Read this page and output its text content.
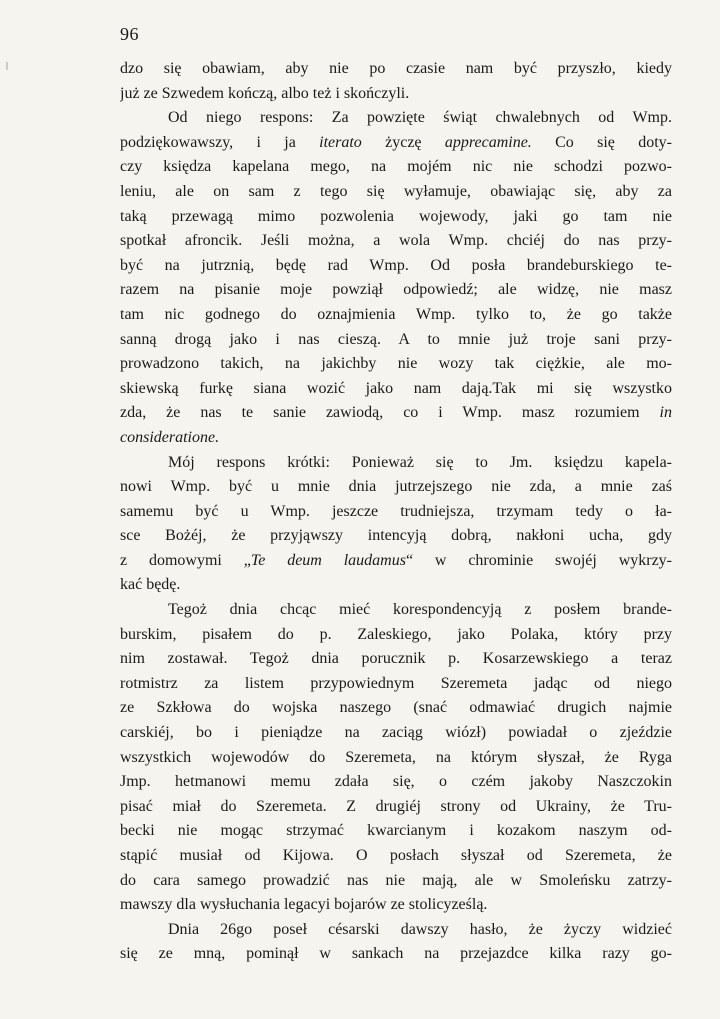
96
dzo się obawiam, aby nie po czasie nam być przyszło, kiedy
już ze Szwedem kończą, albo też i skończyli.
Od niego respons: Za powzięte świąt chwalebnych od Wmp.
podziękowawszy, i ja iterato życzę apprecamine. Co się doty-
czy księdza kapelana mego, na mojém nic nie schodzi pozwo-
leniu, ale on sam z tego się wyłamuje, obawiając się, aby za
taką przewagą mimo pozwolenia wojewody, jaki go tam nie
spotkał afroncik. Jeśli można, a wola Wmp. chciéj do nas przy-
być na jutrznią, będę rad Wmp. Od posła brandeburskiego te-
razem na pisanie moje powziął odpowiedź; ale widzę, nie masz
tam nic godnego do oznajmienia Wmp. tylko to, że go także
sanną drogą jako i nas cieszą. A to mnie już troje sani przy-
prowadzono takich, na jakichby nie wozy tak ciężkie, ale mo-
skiewską furkę siana wozić jako nam dają.Tak mi się wszystko
zda, że nas te sanie zawiodą, co i Wmp. masz rozumiem in
consideratione.
Mój respons krótki: Ponieważ się to Jm. księdzu kapela-
nowi Wmp. być u mnie dnia jutrzejszego nie zda, a mnie zaś
samemu być u Wmp. jeszcze trudniejsza, trzymam tedy o ła-
sce Bożéj, że przyjąwszy intencyją dobrą, nakłoni ucha, gdy
z domowymi „Te deum laudamus“ w chrominie swojéj wykrzy-
kać będę.
Tegoż dnia chcąc mieć korespondencyją z posłem brande-
burskim, pisałem do p. Zaleskiego, jako Polaka, który przy
nim zostawał. Tegoż dnia porucznik p. Kosarzewskiego a teraz
rotmistrz za listem przypowiednym Szeremeta jadąc od niego
ze Szkłowa do wojska naszego (snać odmawiać drugich najmie
carskiéj, bo i pieniądze na zaciąg wiózł) powiadał o zjeździe
wszystkich wojewodów do Szeremeta, na którym słyszał, że Ryga
Jmp. hetmanowi memu zdała się, o czém jakoby Naszczokin
pisać miał do Szeremeta. Z drugiéj strony od Ukrainy, że Tru-
becki nie mogąc strzymać kwarcianym i kozakom naszym od-
stąpić musiał od Kijowa. O posłach słyszał od Szeremeta, że
do cara samego prowadzić nas nie mają, ale w Smoleńsku zatrzy-
mawszy dla wysłuchania legacyi bojarów ze stolicyześlą.
Dnia 26go poseł césarski dawszy hasło, że życzy widzieć
się ze mną, pominął w sankach na przejazdce kilka razy go-
